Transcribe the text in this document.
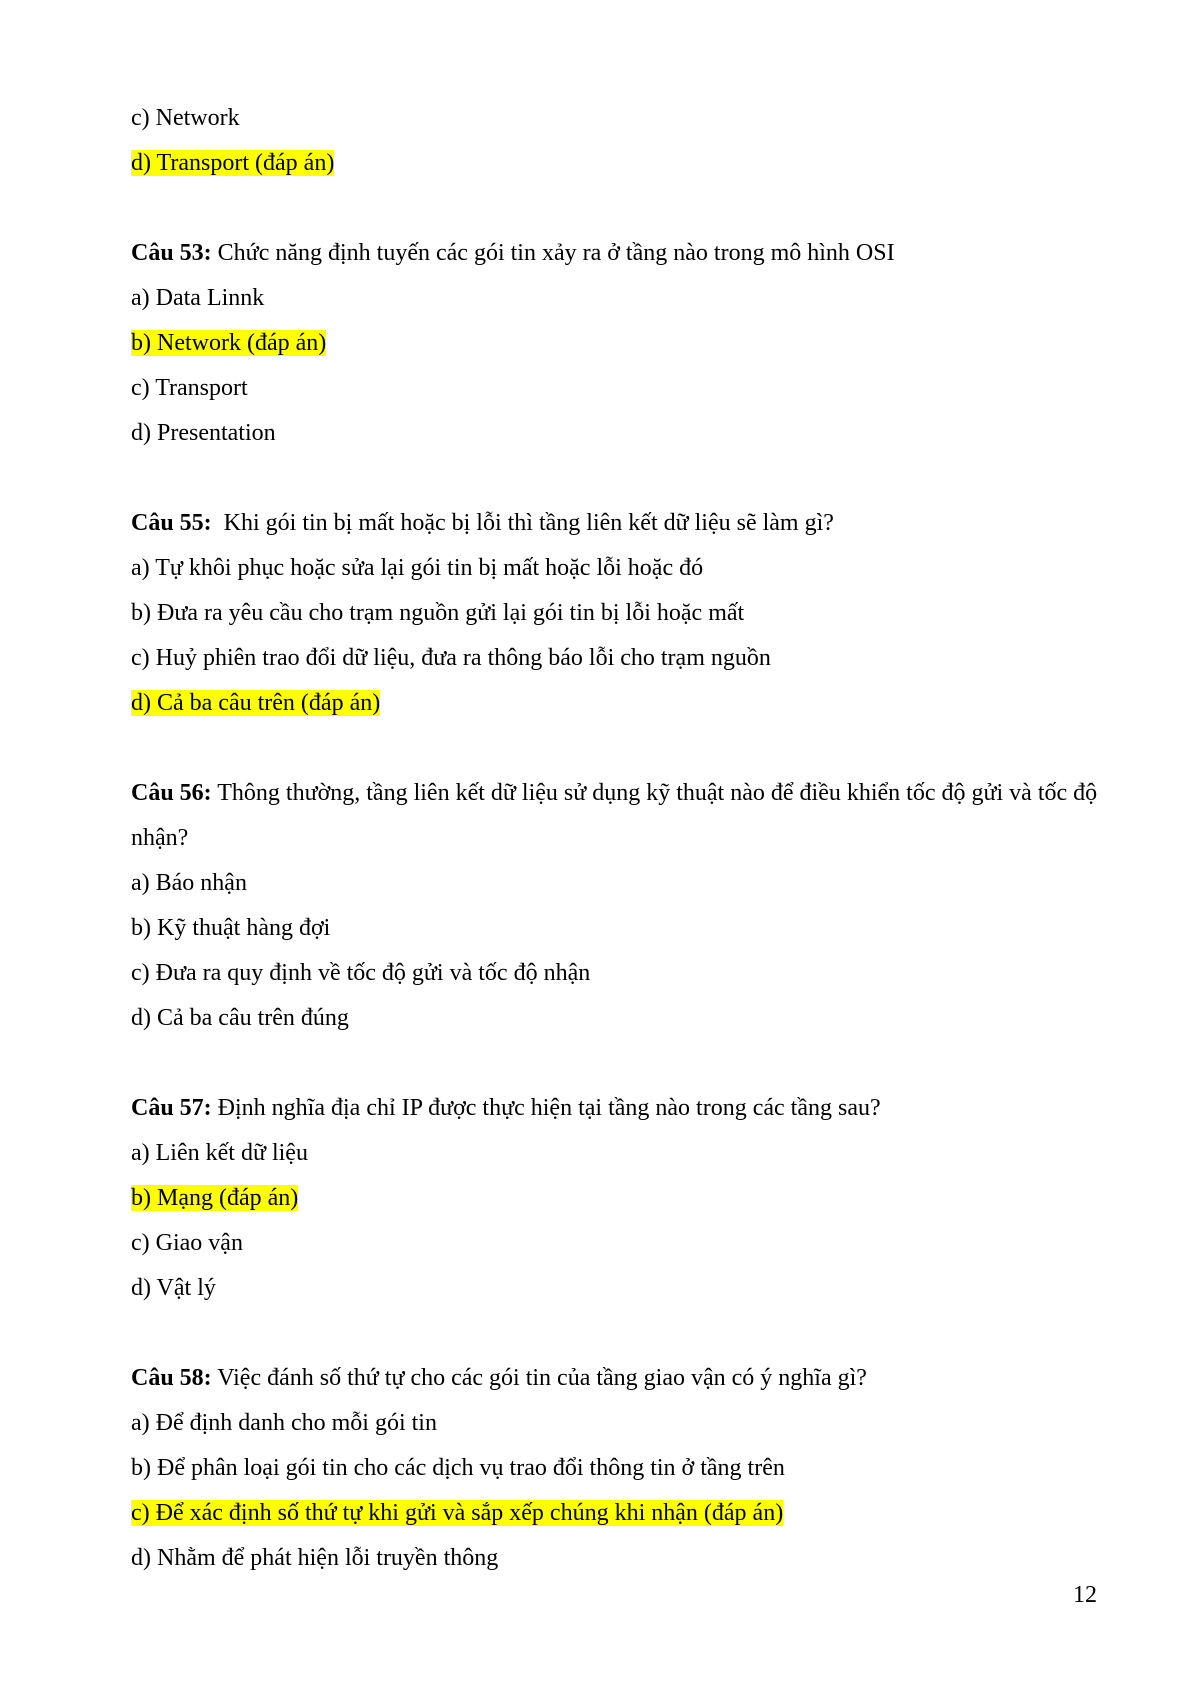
c) Network
d) Transport (đáp án)
Câu 53: Chức năng định tuyến các gói tin xảy ra ở tầng nào trong mô hình OSI
a) Data Linnk
b) Network (đáp án)
c) Transport
d) Presentation
Câu 55:  Khi gói tin bị mất hoặc bị lỗi thì tầng liên kết dữ liệu sẽ làm gì?
a) Tự khôi phục hoặc sửa lại gói tin bị mất hoặc lỗi hoặc đó
b) Đưa ra yêu cầu cho trạm nguồn gửi lại gói tin bị lỗi hoặc mất
c) Huỷ phiên trao đổi dữ liệu, đưa ra thông báo lỗi cho trạm nguồn
d) Cả ba câu trên (đáp án)
Câu 56: Thông thường, tầng liên kết dữ liệu sử dụng kỹ thuật nào để điều khiển tốc độ gửi và tốc độ nhận?
a) Báo nhận
b) Kỹ thuật hàng đợi
c) Đưa ra quy định về tốc độ gửi và tốc độ nhận
d) Cả ba câu trên đúng
Câu 57: Định nghĩa địa chỉ IP được thực hiện tại tầng nào trong các tầng sau?
a) Liên kết dữ liệu
b) Mạng (đáp án)
c) Giao vận
d) Vật lý
Câu 58: Việc đánh số thứ tự cho các gói tin của tầng giao vận có ý nghĩa gì?
a) Để định danh cho mỗi gói tin
b) Để phân loại gói tin cho các dịch vụ trao đổi thông tin ở tầng trên
c) Để xác định số thứ tự khi gửi và sắp xếp chúng khi nhận (đáp án)
d) Nhằm để phát hiện lỗi truyền thông
12
